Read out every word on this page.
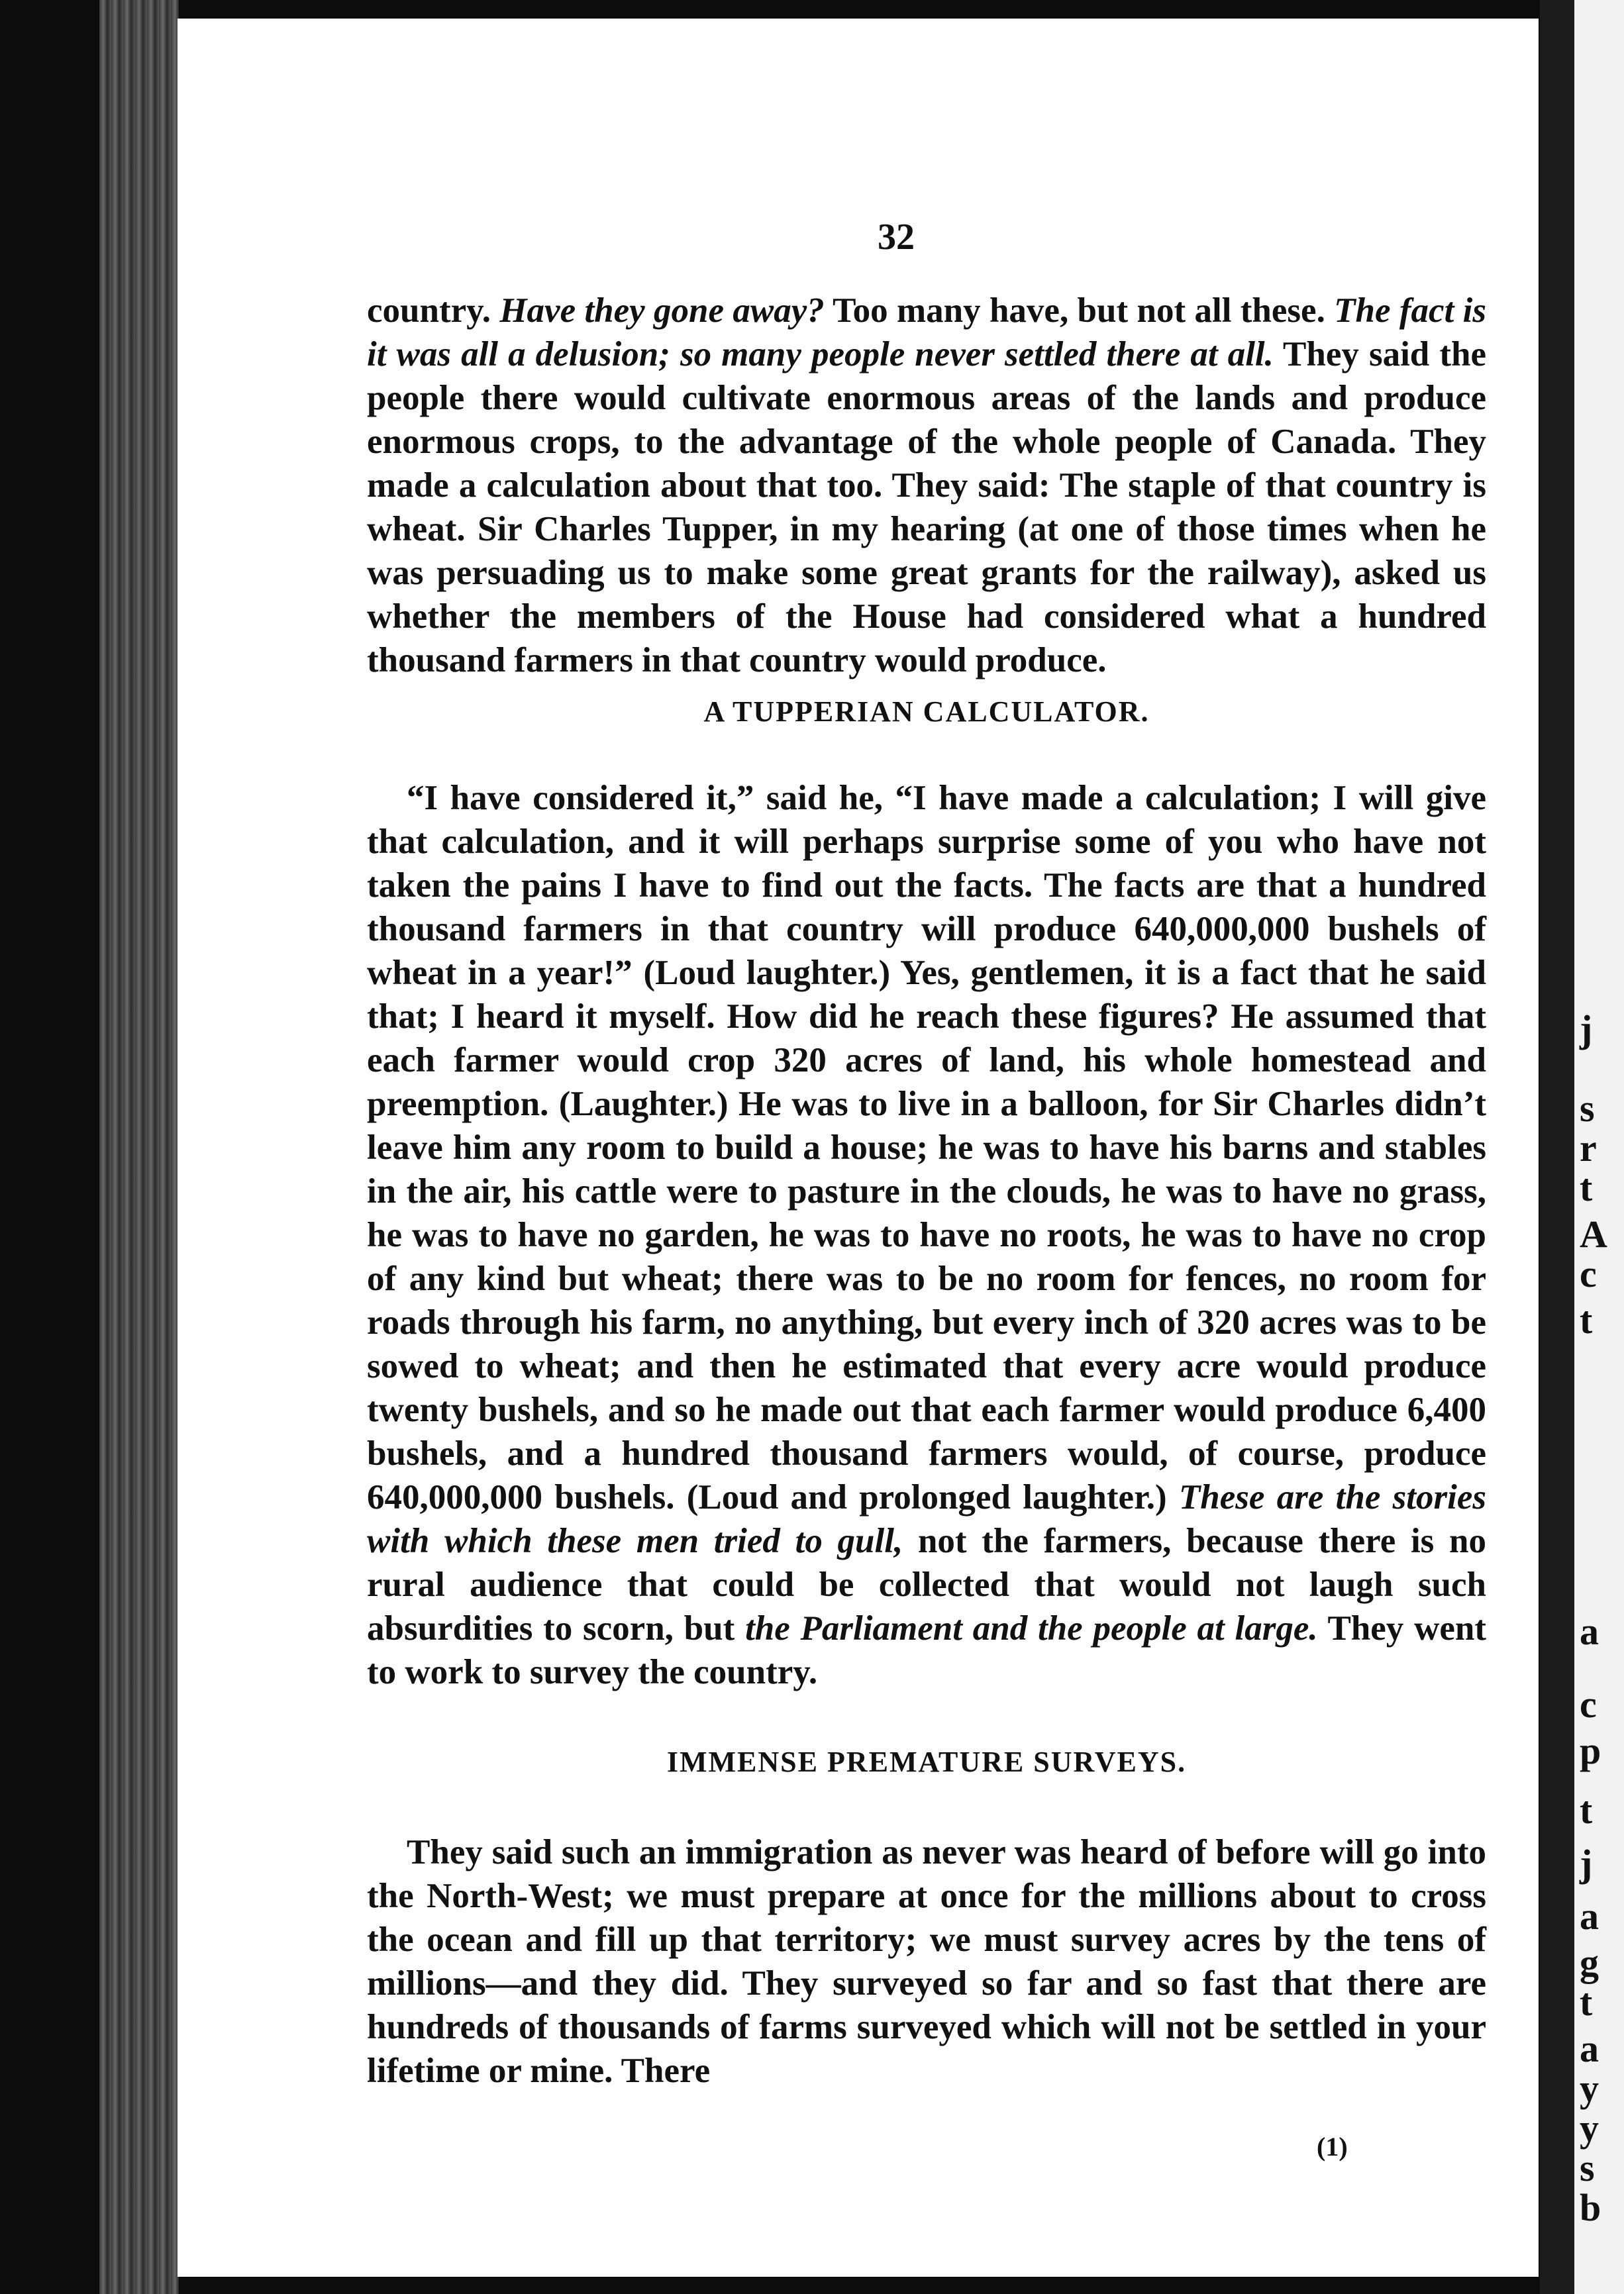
j
s
r
t
A
c
t
a
c
p
t
j
a
g
t
a
y
y
s
b
32

country. Have they gone away? Too many have, but not all these. The fact is it was all a delusion; so many people never settled there at all. They said the people there would cultivate enormous areas of the lands and produce enormous crops, to the advantage of the whole people of Canada. They made a calculation about that too. They said: The staple of that country is wheat. Sir Charles Tupper, in my hearing (at one of those times when he was persuading us to make some great grants for the railway), asked us whether the members of the House had considered what a hundred thousand farmers in that country would produce.

A TUPPERIAN CALCULATOR.

“I have considered it,” said he, “I have made a calculation; I will give that calculation, and it will perhaps surprise some of you who have not taken the pains I have to find out the facts. The facts are that a hundred thousand farmers in that country will produce 640,000,000 bushels of wheat in a year!” (Loud laughter.) Yes, gentlemen, it is a fact that he said that; I heard it myself. How did he reach these figures? He assumed that each farmer would crop 320 acres of land, his whole homestead and preemption. (Laughter.) He was to live in a balloon, for Sir Charles didn’t leave him any room to build a house; he was to have his barns and stables in the air, his cattle were to pasture in the clouds, he was to have no grass, he was to have no garden, he was to have no roots, he was to have no crop of any kind but wheat; there was to be no room for fences, no room for roads through his farm, no anything, but every inch of 320 acres was to be sowed to wheat; and then he estimated that every acre would produce twenty bushels, and so he made out that each farmer would produce 6,400 bushels, and a hundred thousand farmers would, of course, produce 640,000,000 bushels. (Loud and prolonged laughter.) These are the stories with which these men tried to gull, not the farmers, because there is no rural audience that could be collected that would not laugh such absurdities to scorn, but the Parliament and the people at large. They went to work to survey the country.

IMMENSE PREMATURE SURVEYS.

They said such an immigration as never was heard of before will go into the North-West; we must prepare at once for the millions about to cross the ocean and fill up that territory; we must survey acres by the tens of millions—and they did. They surveyed so far and so fast that there are hundreds of thousands of farms surveyed which will not be settled in your lifetime or mine. There

(1)
